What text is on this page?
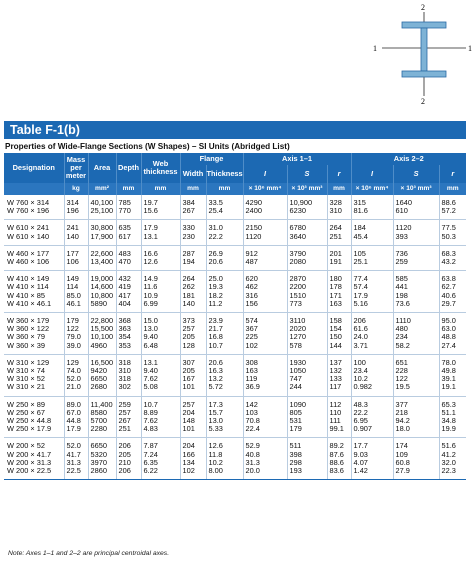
2
2
1	1
Table F-1(b)
Properties of Wide-Flange Sections (W Shapes) – SI Units (Abridged List)
Designation	Mass per meter	Area	Depth	Web thickness	Flange		Axis 1–1			Axis 2–2		
					Width	Thickness	I	S	r	I	S	r
	kg	mm²	mm	mm	mm	mm	× 10⁶ mm⁴	× 10³ mm³	mm	× 10⁶ mm⁴	× 10³ mm³	mm
W 760 × 314	314	40,100	785	19.7	384	33.5	4290	10,900	328	315	1640	88.6
W 760 × 196	196	25,100	770	15.6	267	25.4	2400	6230	310	81.6	610	57.2
W 610 × 241	241	30,800	635	17.9	330	31.0	2150	6780	264	184	1120	77.5
W 610 × 140	140	17,900	617	13.1	230	22.2	1120	3640	251	45.4	393	50.3
W 460 × 177	177	22,600	483	16.6	287	26.9	912	3790	201	105	736	68.3
W 460 × 106	106	13,400	470	12.6	194	20.6	487	2080	191	25.1	259	43.2
W 410 × 149	149	19,000	432	14.9	264	25.0	620	2870	180	77.4	585	63.8
W 410 × 114	114	14,600	419	11.6	262	19.3	462	2200	178	57.4	441	62.7
W 410 × 85	85.0	10,800	417	10.9	181	18.2	316	1510	171	17.9	198	40.6
W 410 × 46.1	46.1	5890	404	6.99	140	11.2	156	773	163	5.16	73.6	29.7
W 360 × 179	179	22,800	368	15.0	373	23.9	574	3110	158	206	1110	95.0
W 360 × 122	122	15,500	363	13.0	257	21.7	367	2020	154	61.6	480	63.0
W 360 × 79	79.0	10,100	354	9.40	205	16.8	225	1270	150	24.0	234	48.8
W 360 × 39	39.0	4960	353	6.48	128	10.7	102	578	144	3.71	58.2	27.4
W 310 × 129	129	16,500	318	13.1	307	20.6	308	1930	137	100	651	78.0
W 310 × 74	74.0	9420	310	9.40	205	16.3	163	1050	132	23.4	228	49.8
W 310 × 52	52.0	6650	318	7.62	167	13.2	119	747	133	10.2	122	39.1
W 310 × 21	21.0	2680	302	5.08	101	5.72	36.9	244	117	0.982	19.5	19.1
W 250 × 89	89.0	11,400	259	10.7	257	17.3	142	1090	112	48.3	377	65.3
W 250 × 67	67.0	8580	257	8.89	204	15.7	103	805	110	22.2	218	51.1
W 250 × 44.8	44.8	5700	267	7.62	148	13.0	70.8	531	111	6.95	94.2	34.8
W 250 × 17.9	17.9	2280	251	4.83	101	5.33	22.4	179	99.1	0.907	18.0	19.9
W 200 × 52	52.0	6650	206	7.87	204	12.6	52.9	511	89.2	17.7	174	51.6
W 200 × 41.7	41.7	5320	205	7.24	166	11.8	40.8	398	87.6	9.03	109	41.2
W 200 × 31.3	31.3	3970	210	6.35	134	10.2	31.3	298	88.6	4.07	60.8	32.0
W 200 × 22.5	22.5	2860	206	6.22	102	8.00	20.0	193	83.6	1.42	27.9	22.3
Note: Axes 1–1 and 2–2 are principal centroidal axes.
